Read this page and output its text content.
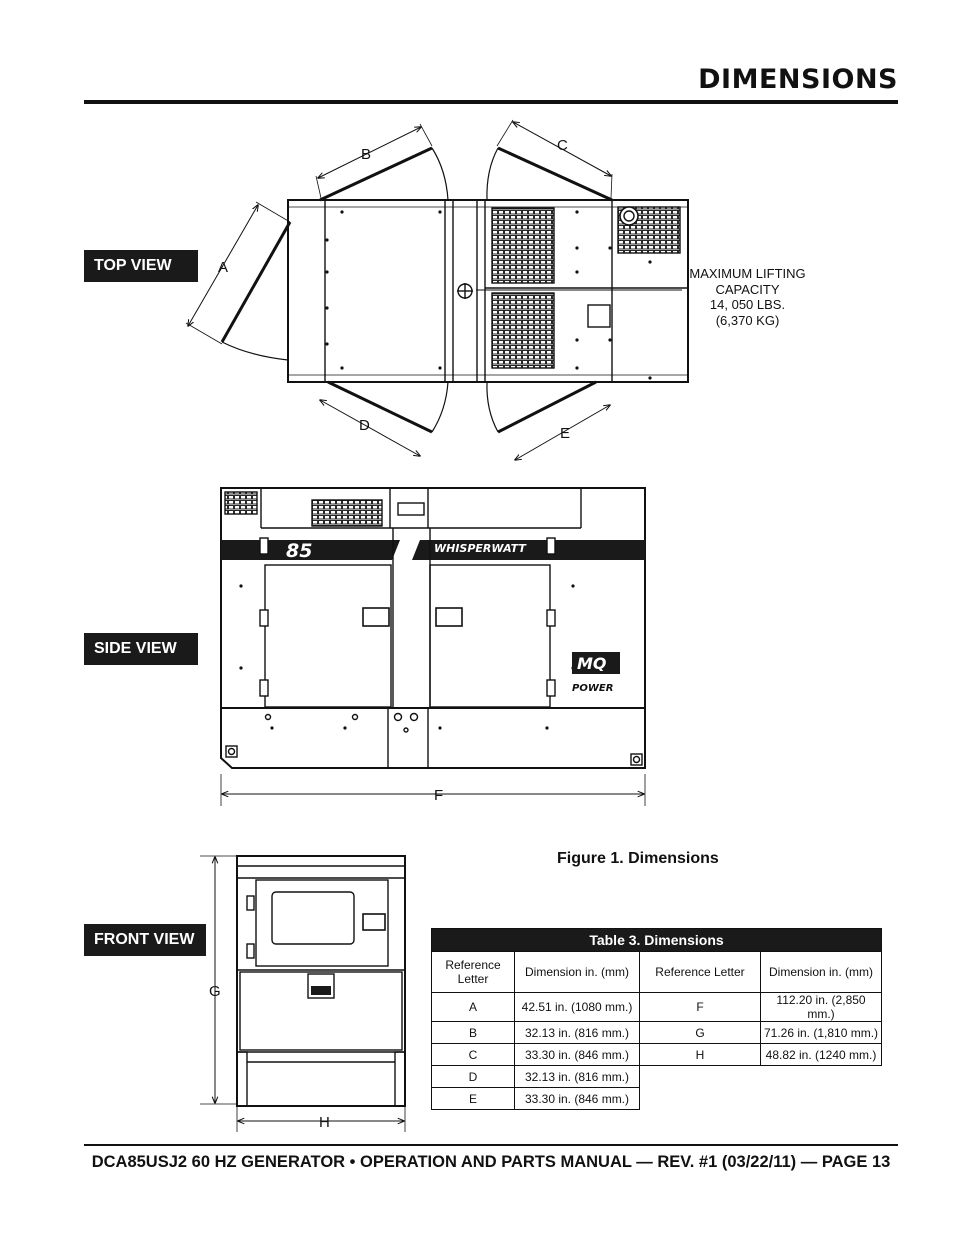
DIMENSIONS
A
B
C
D	E
F
G
H
85	WHISPERWATT
MQ
POWER
TOP VIEW
SIDE VIEW
FRONT VIEW
MAXIMUM LIFTING
CAPACITY
14, 050 LBS.
(6,370 KG)
Figure 1. Dimensions
Table 3. Dimensions			
Reference Letter	Dimension in. (mm)	Reference Letter	Dimension in. (mm)
A	42.51 in. (1080 mm.)	F	112.20 in. (2,850 mm.)
B	32.13 in. (816 mm.)	G	71.26 in. (1,810 mm.)
C	33.30 in. (846 mm.)	H	48.82 in. (1240 mm.)
D	32.13 in. (816 mm.)		
E	33.30 in. (846 mm.)		
DCA85USJ2 60 HZ GENERATOR • OPERATION AND PARTS MANUAL — REV. #1 (03/22/11) — PAGE 13
